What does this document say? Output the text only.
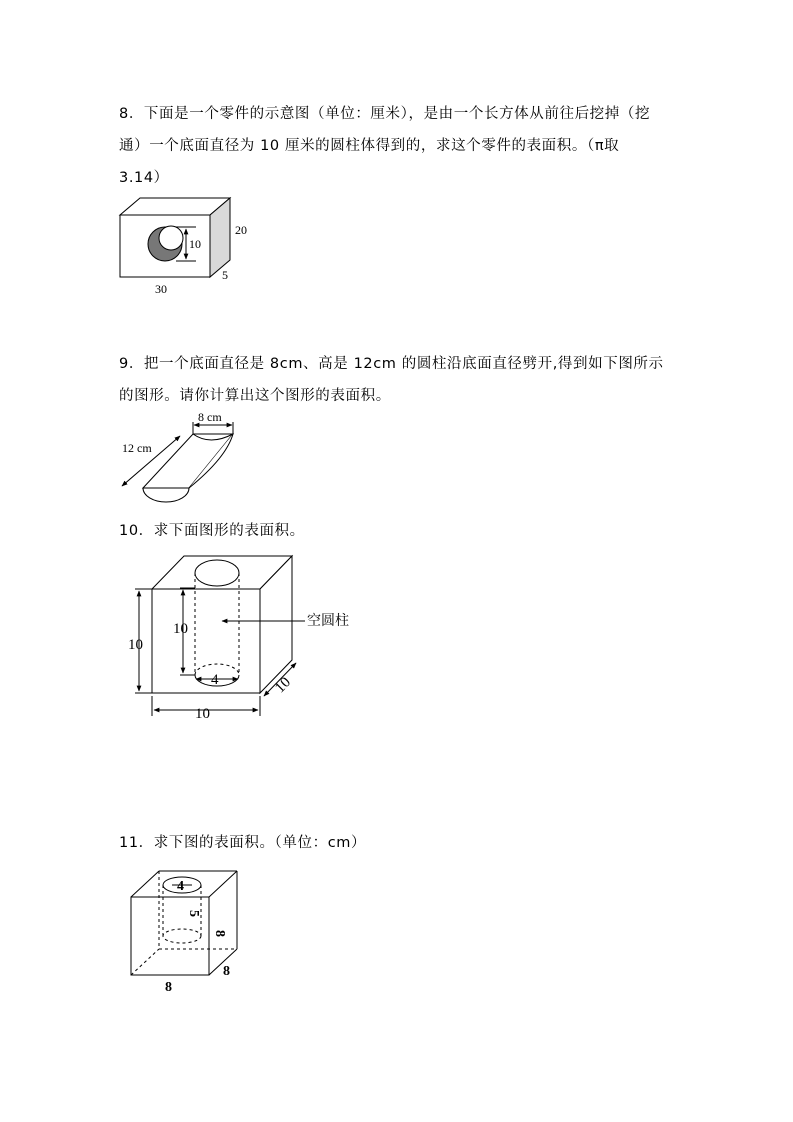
8．下面是一个零件的示意图（单位：厘米），是由一个长方体从前往后挖掉（挖
通）一个底面直径为 10 厘米的圆柱体得到的，求这个零件的表面积。（π取
3.14）
10
20
5
30
9．把一个底面直径是 8cm、高是 12cm 的圆柱沿底面直径劈开,得到如下图所示
的图形。请你计算出这个图形的表面积。
8 cm
12 cm
10．求下面图形的表面积。
10
10
4
10
10
空圆柱
11．求下图的表面积。（单位：cm）
4
5
8
8
8
